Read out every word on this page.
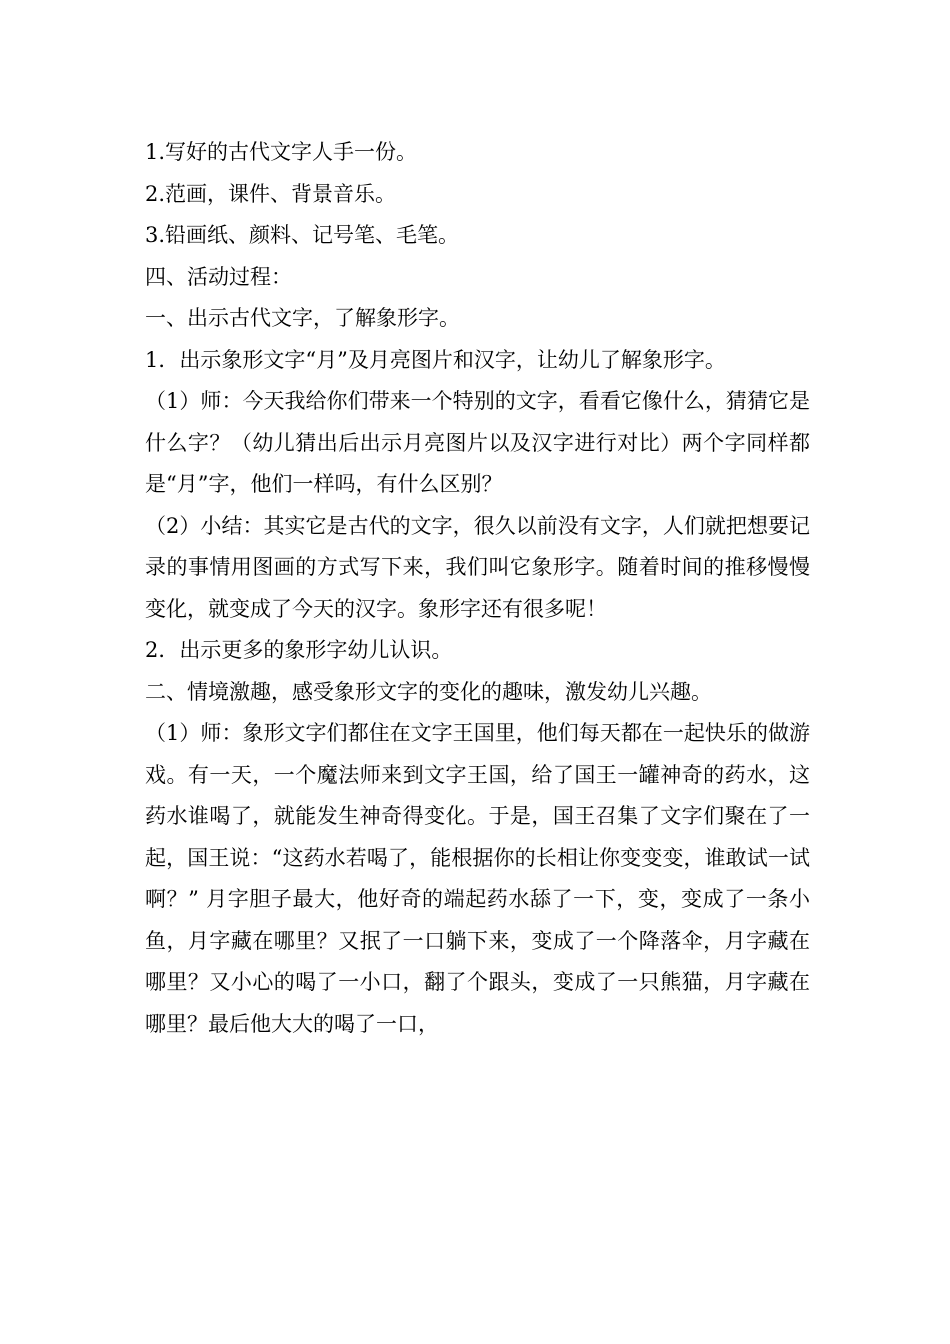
1.写好的古代文字人手一份。

2.范画，课件、背景音乐。

3.铅画纸、颜料、记号笔、毛笔。

四、活动过程：

一、出示古代文字，了解象形字。

1．出示象形文字“月”及月亮图片和汉字，让幼儿了解象形字。

（1）师：今天我给你们带来一个特别的文字，看看它像什么，猜猜它是什么字？（幼儿猜出后出示月亮图片以及汉字进行对比）两个字同样都是“月”字，他们一样吗，有什么区别？

（2）小结：其实它是古代的文字，很久以前没有文字，人们就把想要记录的事情用图画的方式写下来，我们叫它象形字。随着时间的推移慢慢变化，就变成了今天的汉字。象形字还有很多呢！

2．出示更多的象形字幼儿认识。

二、情境激趣，感受象形文字的变化的趣味，激发幼儿兴趣。

（1）师：象形文字们都住在文字王国里，他们每天都在一起快乐的做游戏。有一天，一个魔法师来到文字王国，给了国王一罐神奇的药水，这药水谁喝了，就能发生神奇得变化。于是，国王召集了文字们聚在了一起，国王说：“这药水若喝了，能根据你的长相让你变变变，谁敢试一试啊？” 月字胆子最大，他好奇的端起药水舔了一下，变，变成了一条小鱼，月字藏在哪里？又抿了一口躺下来，变成了一个降落伞，月字藏在哪里？又小心的喝了一小口，翻了个跟头，变成了一只熊猫，月字藏在哪里？最后他大大的喝了一口，
